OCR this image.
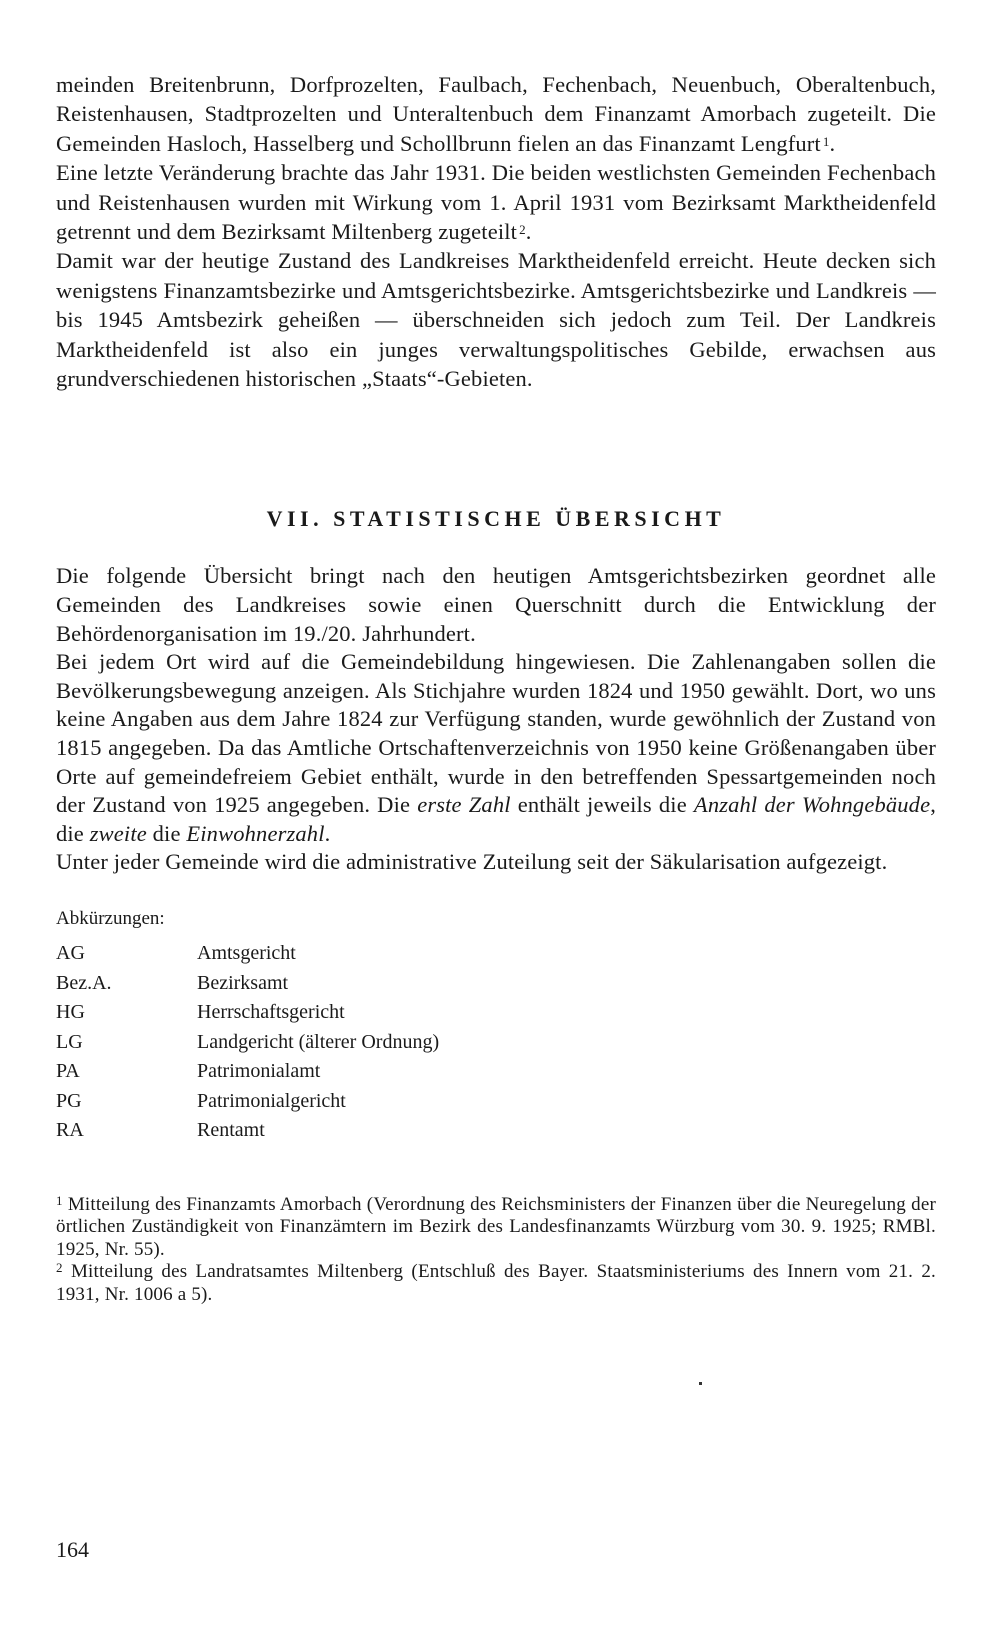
meinden Breitenbrunn, Dorfprozelten, Faulbach, Fechenbach, Neuenbuch, Oberaltenbuch, Reistenhausen, Stadtprozelten und Unteraltenbuch dem Finanzamt Amorbach zugeteilt. Die Gemeinden Hasloch, Hasselberg und Schollbrunn fielen an das Finanzamt Lengfurt  $^1$.

Eine letzte Veränderung brachte das Jahr 1931. Die beiden westlichsten Gemeinden Fechenbach und Reistenhausen wurden mit Wirkung vom 1. April 1931 vom Bezirksamt Marktheidenfeld getrennt und dem Bezirksamt Miltenberg zugeteilt  $^2$.

Damit war der heutige Zustand des Landkreises Marktheidenfeld erreicht. Heute decken sich wenigstens Finanzamtsbezirke und Amtsgerichtsbezirke. Amtsgerichtsbezirke und Landkreis — bis 1945 Amtsbezirk geheißen — überschneiden sich jedoch zum Teil. Der Landkreis Marktheidenfeld ist also ein junges verwaltungspolitisches Gebilde, erwachsen aus grundverschiedenen historischen „Staats“-Gebieten.

VII. STATISTISCHE ÜBERSICHT

Die folgende Übersicht bringt nach den heutigen Amtsgerichtsbezirken geordnet alle Gemeinden des Landkreises sowie einen Querschnitt durch die Entwicklung der Behördenorganisation im 19./20. Jahrhundert.

Bei jedem Ort wird auf die Gemeindebildung hingewiesen. Die Zahlenangaben sollen die Bevölkerungsbewegung anzeigen. Als Stichjahre wurden 1824 und 1950 gewählt. Dort, wo uns keine Angaben aus dem Jahre 1824 zur Verfügung standen, wurde gewöhnlich der Zustand von 1815 angegeben. Da das Amtliche Ortschaftenverzeichnis von 1950 keine Größenangaben über Orte auf gemeindefreiem Gebiet enthält, wurde in den betreffenden Spessartgemeinden noch der Zustand von 1925 angegeben. Die erste Zahl enthält jeweils die Anzahl der Wohngebäude, die zweite die Einwohnerzahl.

Unter jeder Gemeinde wird die administrative Zuteilung seit der Säkularisation aufgezeigt.

Abkürzungen:
AG	Amtsgericht
Bez.A.	Bezirksamt
HG	Herrschaftsgericht
LG	Landgericht (älterer Ordnung)
PA	Patrimonialamt
PG	Patrimonialgericht
RA	Rentamt

$^1$ Mitteilung des Finanzamts Amorbach (Verordnung des Reichsministers der Finanzen über die Neuregelung der örtlichen Zuständigkeit von Finanzämtern im Bezirk des Landesfinanzamts Würzburg vom 30. 9. 1925; RMBl. 1925, Nr. 55).

$^2$ Mitteilung des Landratsamtes Miltenberg (Entschluß des Bayer. Staatsministeriums des Innern vom 21. 2. 1931, Nr. 1006 a 5).

164
